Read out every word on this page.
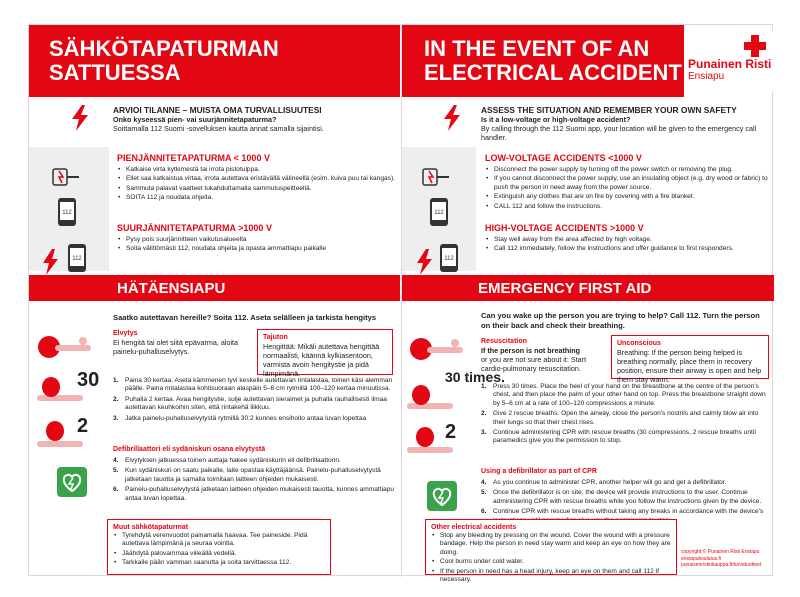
SÄHKÖTAPATURMAN
SATTUESSA
IN THE EVENT OF AN
ELECTRICAL ACCIDENT Punainen Risti
Ensiapu
ARVIOI TILANNE – MUISTA OMA TURVALLISUUTESI
Onko kyseessä pien- vai suurjännitetapaturma?
Soittamalla 112 Suomi -sovelluksen kautta annat samalla sijaintisi.
ASSESS THE SITUATION AND REMEMBER YOUR OWN SAFETY
Is it a low-voltage or high-voltage accident?
By calling through the 112 Suomi app, your location will be given to the emergency call handler.
112
112
PIENJÄNNITETAPATURMA < 1000 V
• Katkaise virta kytkimestä tai irrota pistotulppa.
• Ellet saa katkaistua virtaa, irrota autettava eristävällä välineellä (esim. kuiva puu tai kangas).
• Sammuta palavat vaatteet tukahduttamalla sammutuspeitteellä.
• SOITA 112 ja noudata ohjeita.
SUURJÄNNITETAPATURMA >1000 V
• Pysy pois suurjännitteen vaikutusalueelta
• Soita välittömästi 112, noudata ohjeita ja opasta ammattiapu paikalle
112
112
LOW-VOLTAGE ACCIDENTS <1000 V
• Disconnect the power supply by turning off the power switch or removing the plug.
• If you cannot disconnect the power supply, use an insulating object (e.g. dry wood or fabric) to push the person in need away from the power source.
• Extinguish any clothes that are on fire by covering with a fire blanket.
• CALL 112 and follow the instructions.
HIGH-VOLTAGE ACCIDENTS >1000 V
• Stay well away from the area affected by high voltage.
• Call 112 immediately, follow the instructions and offer guidance to first responders.
HÄTÄENSIAPU	EMERGENCY FIRST AID
Saatko autettavan hereille? Soita 112. Aseta selälleen ja tarkista hengitys
Elvytys
Ei hengitä tai olet siitä epävarma, aloita painelu-puhalluselvytys.
Tajuton
Hengittää: Mikäli autettava hengittää normaalisti, käännä kylkiasentoon, varmista avoin hengitystie ja pidä lämpimänä.
30
2
1. Paina 30 kertaa. Aseta kämmenen tyvi keskelle autettavan rintalastaa, toinen käsi alemman päälle. Paina rintalastaa kohtisuoraan alaspäin 5–6 cm rytmillä 100–120 kertaa minuutissa.
2. Puhalla 2 kertaa. Avaa hengitystie, sulje autettavan sieraimet ja puhalla rauhallisesti ilmaa autettavan keuhkoihin siten, että rintakehä liikkuu.
3. Jatka painelu-puhalluselvytystä rytmillä 30:2 kunnes ensihoito antaa luvan lopettaa
Defibrillaattori eli sydäniskuri osana elvytystä
4. Elvytyksen jatkuessa toinen auttaja hakee sydäniskurin eli defibrillaattorin.
5. Kun sydäniskuri on saatu paikalle, laite opastaa käyttäjäänsä. Painelu-puhalluselvytystä jatketaan tauotta ja samalla toimitaan laitteen ohjeiden mukaisesti.
6. Painelu-puhalluselvytystä jatketaan laitteen ohjeiden mukaisesti tauotta, kunnes ammattiapu antaa luvan lopettaa.
Muut sähkötapaturmat
• Tyrehdytä verenvuodot painamalla haavaa. Tee paineside. Pidä autettava lämpimänä ja seuraa vointia.
• Jäähdytä palovammaa viileällä vedellä.
• Tarkkaile pään vamman saanutta ja soita tarvittaessa 112.
Can you wake up the person you are trying to help? Call 112. Turn the person on their back and check their breathing.
Resuscitation
If the person is not breathing
or you are not sure about it: Start cardio-pulmonary resuscitation.
Unconscious
Breathing: If the person being helped is breathing normally, place them in recovery position, ensure their airway is open and help them stay warm.
30 times.
2
1. Press 30 times. Place the heel of your hand on the breastbone at the centre of the person's chest, and then place the palm of your other hand on top. Press the breastbone straight down by 5–6 cm at a rate of 100–120 compressions a minute.
2. Give 2 rescue breaths. Open the airway, close the person's nostrils and calmly blow air into their lungs so that their chest rises.
3. Continue administering CPR with rescue breaths (30 compressions, 2 rescue breaths until paramedics give you the permission to stop.
Using a defibrillator as part of CPR
4. As you continue to administer CPR, another helper will go and get a defibrillator.
5. Once the defibrillator is on site, the device will provide instructions to the user. Continue administering CPR with rescue breaths while you follow the instructions given by the device.
6. Continue CPR with rescue breaths without taking any breaks in accordance with the device's
Other electrical accidents
• Stop any bleeding by pressing on the wound. Cover the wound with a pressure bandage. Help the person in need stay warm and keep an eye on how they are doing.
• Cool burns under cold water.
• If the person in need has a head injury, keep an eye on them and call 112 if necessary.
copyright © Punainen Risti Ensiapu
ensiapukoulutus.fi
punaisenristinkauppa.fi/turvatuotteet
